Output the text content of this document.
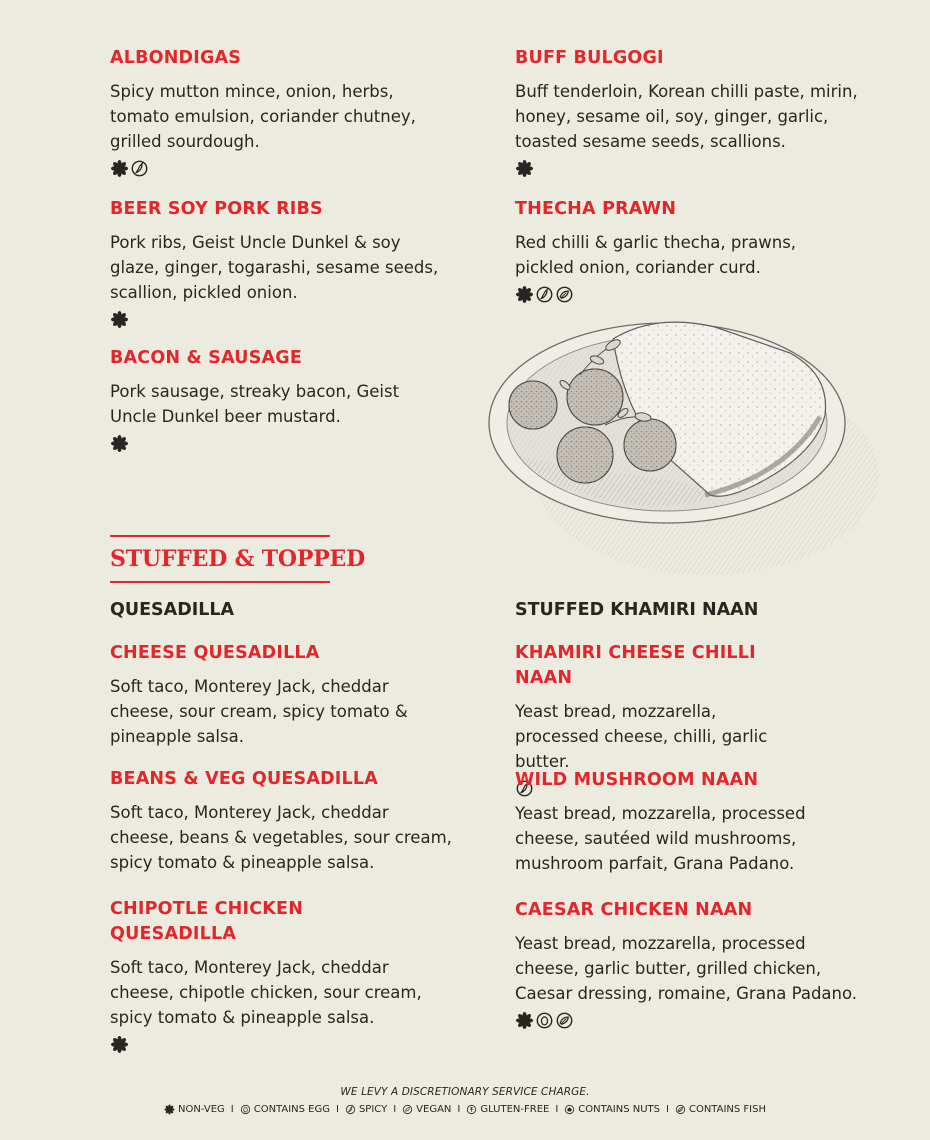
ALBONDIGAS
Spicy mutton mince, onion, herbs, tomato emulsion, coriander chutney, grilled sourdough.
BEER SOY PORK RIBS
Pork ribs, Geist Uncle Dunkel & soy glaze, ginger, togarashi, sesame seeds, scallion, pickled onion.
BACON & SAUSAGE
Pork sausage, streaky bacon, Geist Uncle Dunkel beer mustard.
BUFF BULGOGI
Buff tenderloin, Korean chilli paste, mirin, honey, sesame oil, soy, ginger, garlic, toasted sesame seeds, scallions.
THECHA PRAWN
Red chilli & garlic thecha, prawns, pickled onion, coriander curd.
STUFFED & TOPPED
QUESADILLA	STUFFED KHAMIRI NAAN
CHEESE QUESADILLA
Soft taco, Monterey Jack, cheddar cheese, sour cream, spicy tomato & pineapple salsa.
BEANS & VEG QUESADILLA
Soft taco, Monterey Jack, cheddar cheese, beans & vegetables, sour cream, spicy tomato & pineapple salsa.
CHIPOTLE CHICKEN QUESADILLA
Soft taco, Monterey Jack, cheddar cheese, chipotle chicken, sour cream, spicy tomato & pineapple salsa.
KHAMIRI CHEESE CHILLI NAAN
Yeast bread, mozzarella, processed cheese, chilli, garlic butter.
WILD MUSHROOM NAAN
Yeast bread, mozzarella, processed cheese, sautéed wild mushrooms, mushroom parfait, Grana Padano.
CAESAR CHICKEN NAAN
Yeast bread, mozzarella, processed cheese, garlic butter, grilled chicken, Caesar dressing, romaine, Grana Padano.
WE LEVY A DISCRETIONARY SERVICE CHARGE.
NON-VEG I CONTAINS EGG I SPICY I VEGAN I GLUTEN-FREE I CONTAINS NUTS I CONTAINS FISH
